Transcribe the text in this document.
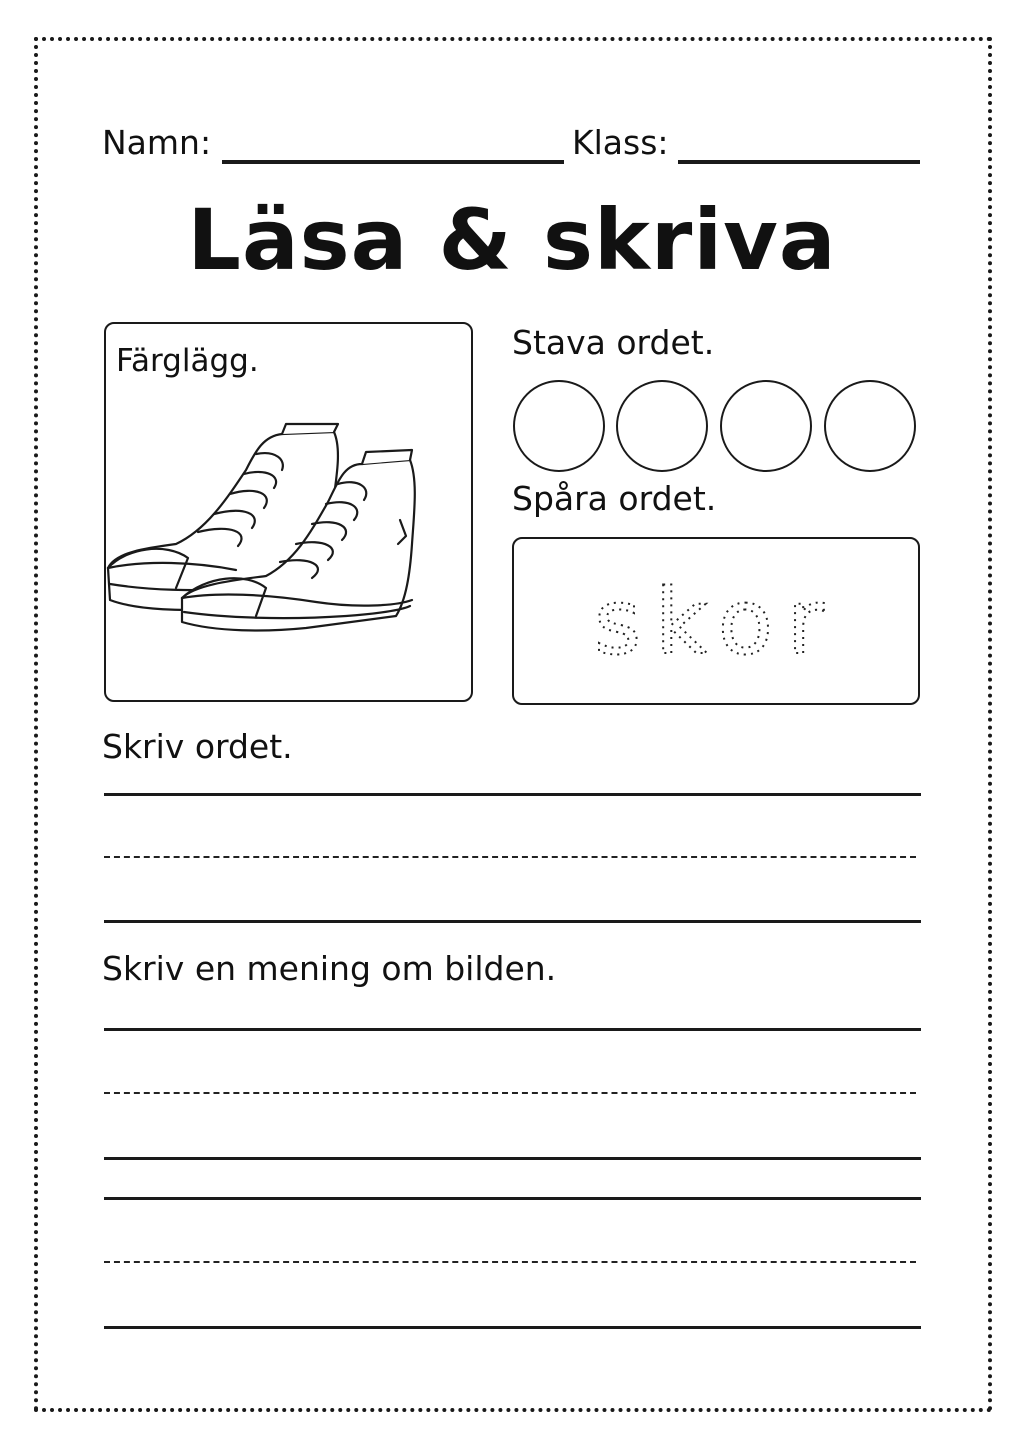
Namn:	Klass:
Läsa & skriva
Färglägg.	Stava ordet.
Spåra ordet.
skor
Skriv ordet.
Skriv en mening om bilden.
